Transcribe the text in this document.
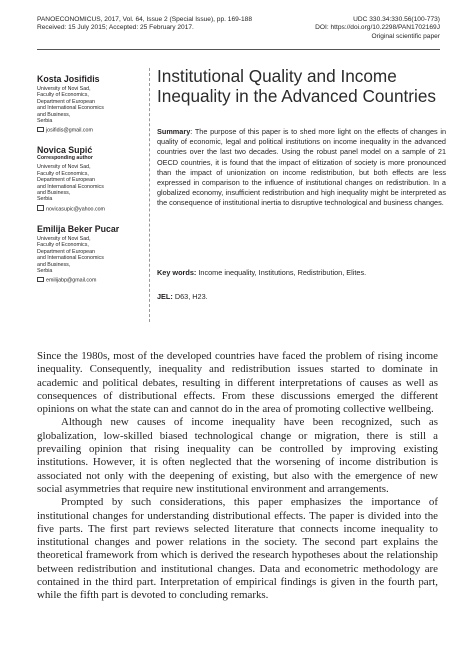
PANOECONOMICUS, 2017, Vol. 64, Issue 2 (Special Issue), pp. 169-188
Received: 15 July 2015; Accepted: 25 February 2017.
UDC 330.34:330.56(100-773)
DOI: https://doi.org/10.2298/PAN1702169J
Original scientific paper
Kosta Josifidis
University of Novi Sad,
Faculty of Economics,
Department of European
and International Economics
and Business,
Serbia
josifidis@gmail.com
Novica Supić
Corresponding author
University of Novi Sad,
Faculty of Economics,
Department of European
and International Economics
and Business,
Serbia
novicasupic@yahoo.com
Emilija Beker Pucar
University of Novi Sad,
Faculty of Economics,
Department of European
and International Economics
and Business,
Serbia
emilijabp@gmail.com
Institutional Quality and Income Inequality in the Advanced Countries
Summary: The purpose of this paper is to shed more light on the effects of changes in quality of economic, legal and political institutions on income inequality in the advanced countries over the last two decades. Using the robust panel model on a sample of 21 OECD countries, it is found that the impact of elitization of society is more pronounced than the impact of unionization on income redistribution, but both effects are less expressed in comparison to the influence of institutional changes on redistribution. In a globalized economy, insufficient redistribution and high inequality might be interpreted as the consequence of institutional inertia to disruptive technological and business changes.
Key words: Income inequality, Institutions, Redistribution, Elites.
JEL: D63, H23.

Since the 1980s, most of the developed countries have faced the problem of rising income inequality. Consequently, inequality and redistribution issues started to dominate in academic and political debates, resulting in different interpretations of causes as well as consequences of distributional effects. From these discussions emerged the different opinions on what the state can and cannot do in the area of promoting collective wellbeing.

Although new causes of income inequality have been recognized, such as globalization, low-skilled biased technological change or migration, there is still a prevailing opinion that rising inequality can be controlled by improving existing institutions. However, it is often neglected that the worsening of income distribution is associated not only with the deepening of existing, but also with the emergence of new social asymmetries that require new institutional environment and arrangements.

Prompted by such considerations, this paper emphasizes the importance of institutional changes for understanding distributional effects. The paper is divided into the five parts. The first part reviews selected literature that connects income inequality to institutional changes and power relations in the society. The second part explains the theoretical framework from which is derived the research hypotheses about the relationship between redistribution and institutional changes. Data and econometric methodology are contained in the third part. Interpretation of empirical findings is given in the fourth part, while the fifth part is devoted to concluding remarks.
